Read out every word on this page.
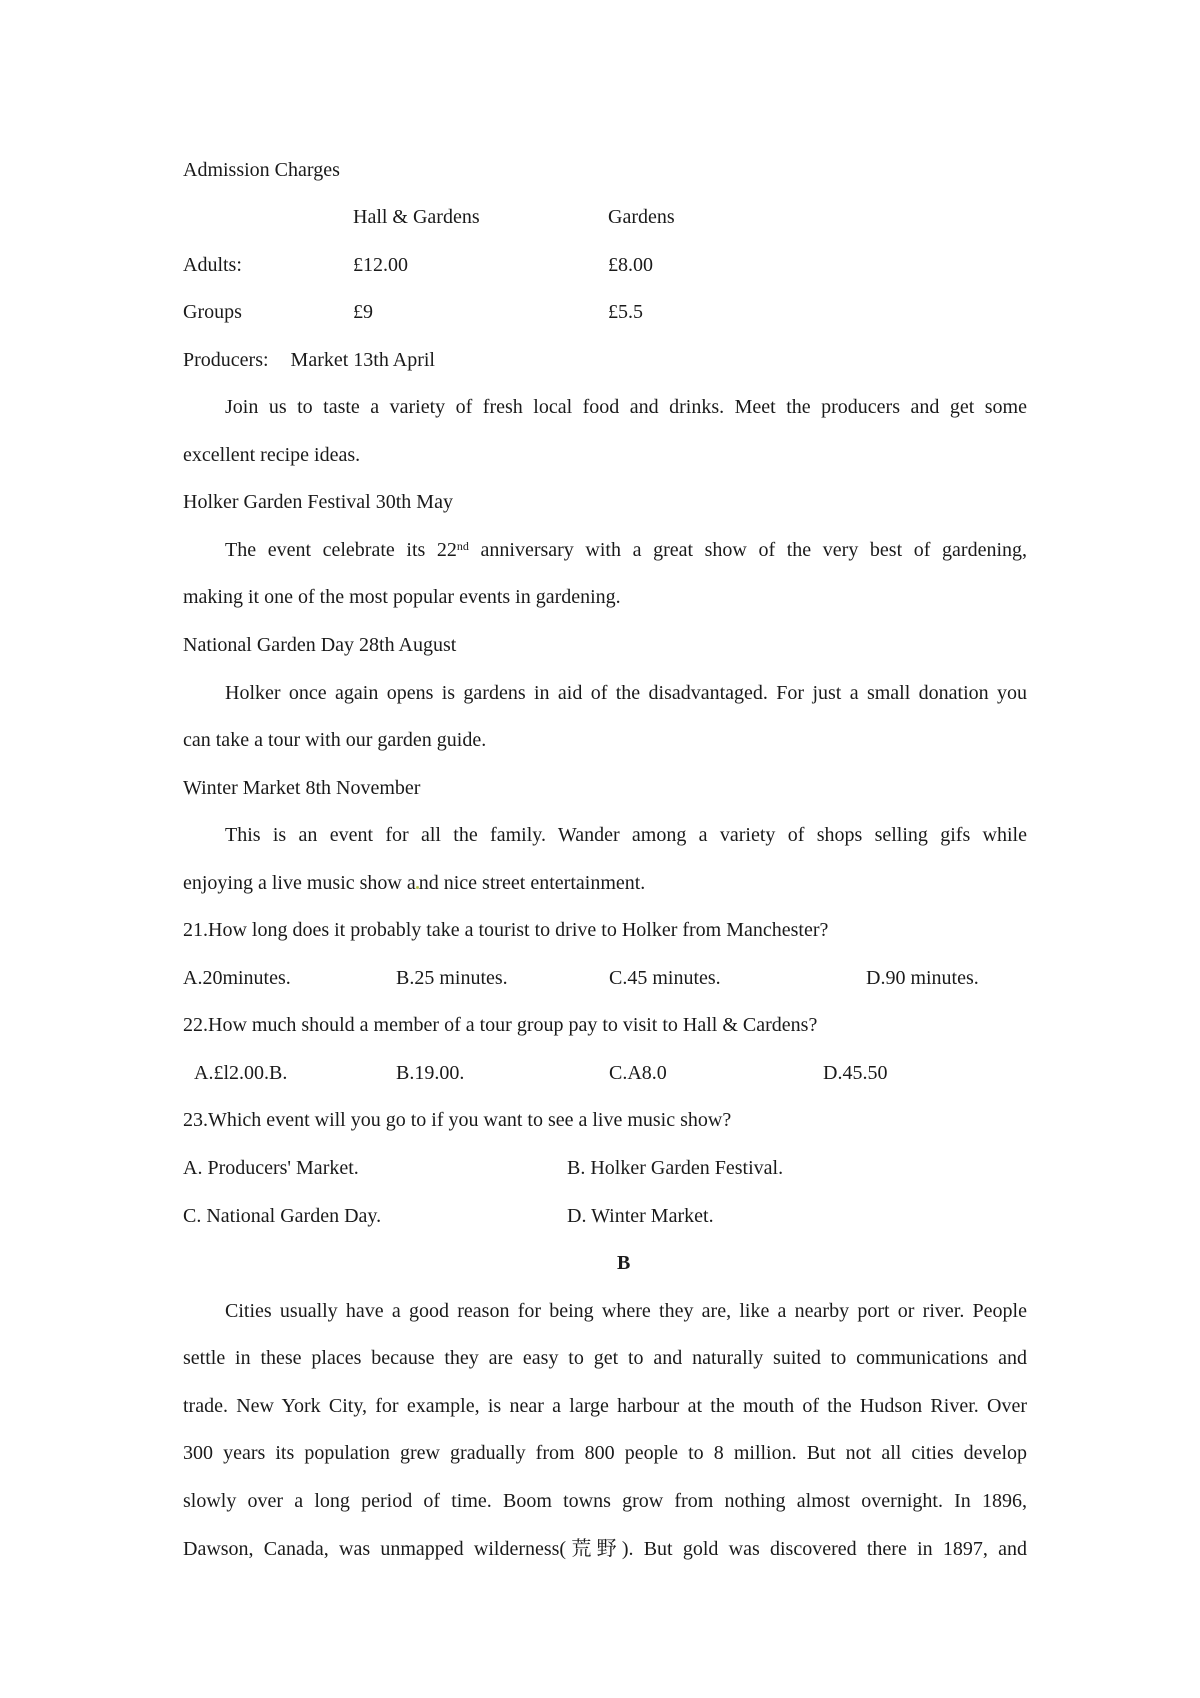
Admission Charges
Hall & Gardens	Gardens
Adults:	£12.00	£8.00
Groups	£9	£5.5
Producers: Market 13th April
Join us to taste a variety of fresh local food and drinks. Meet the producers and get some
excellent recipe ideas.
Holker Garden Festival 30th May
The event celebrate its 22nd anniversary with a great show of the very best of gardening,
making it one of the most popular events in gardening.
National Garden Day 28th August
Holker once again opens is gardens in aid of the disadvantaged. For just a small donation you
can take a tour with our garden guide.
Winter Market 8th November
This is an event for all the family. Wander among a variety of shops selling gifs while
enjoying a live music show a nd nice street entertainment.
21.How long does it probably take a tourist to drive to Holker from Manchester?
A.20minutes.	B.25 minutes.	C.45 minutes.	D.90 minutes.
22.How much should a member of a tour group pay to visit to Hall & Cardens?
A.£l2.00.B.	B.19.00.	C.A8.0	D.45.50
23.Which event will you go to if you want to see a live music show?
A. Producers' Market.	B. Holker Garden Festival.
C. National Garden Day.	D. Winter Market.
B
Cities usually have a good reason for being where they are, like a nearby port or river. People
settle in these places because they are easy to get to and naturally suited to communications and
trade. New York City, for example, is near a large harbour at the mouth of the Hudson River. Over
300 years its population grew gradually from 800 people to 8 million. But not all cities develop
slowly over a long period of time. Boom towns grow from nothing almost overnight. In 1896,
Dawson, Canada, was unmapped wilderness(荒野). But gold was discovered there in 1897, and
